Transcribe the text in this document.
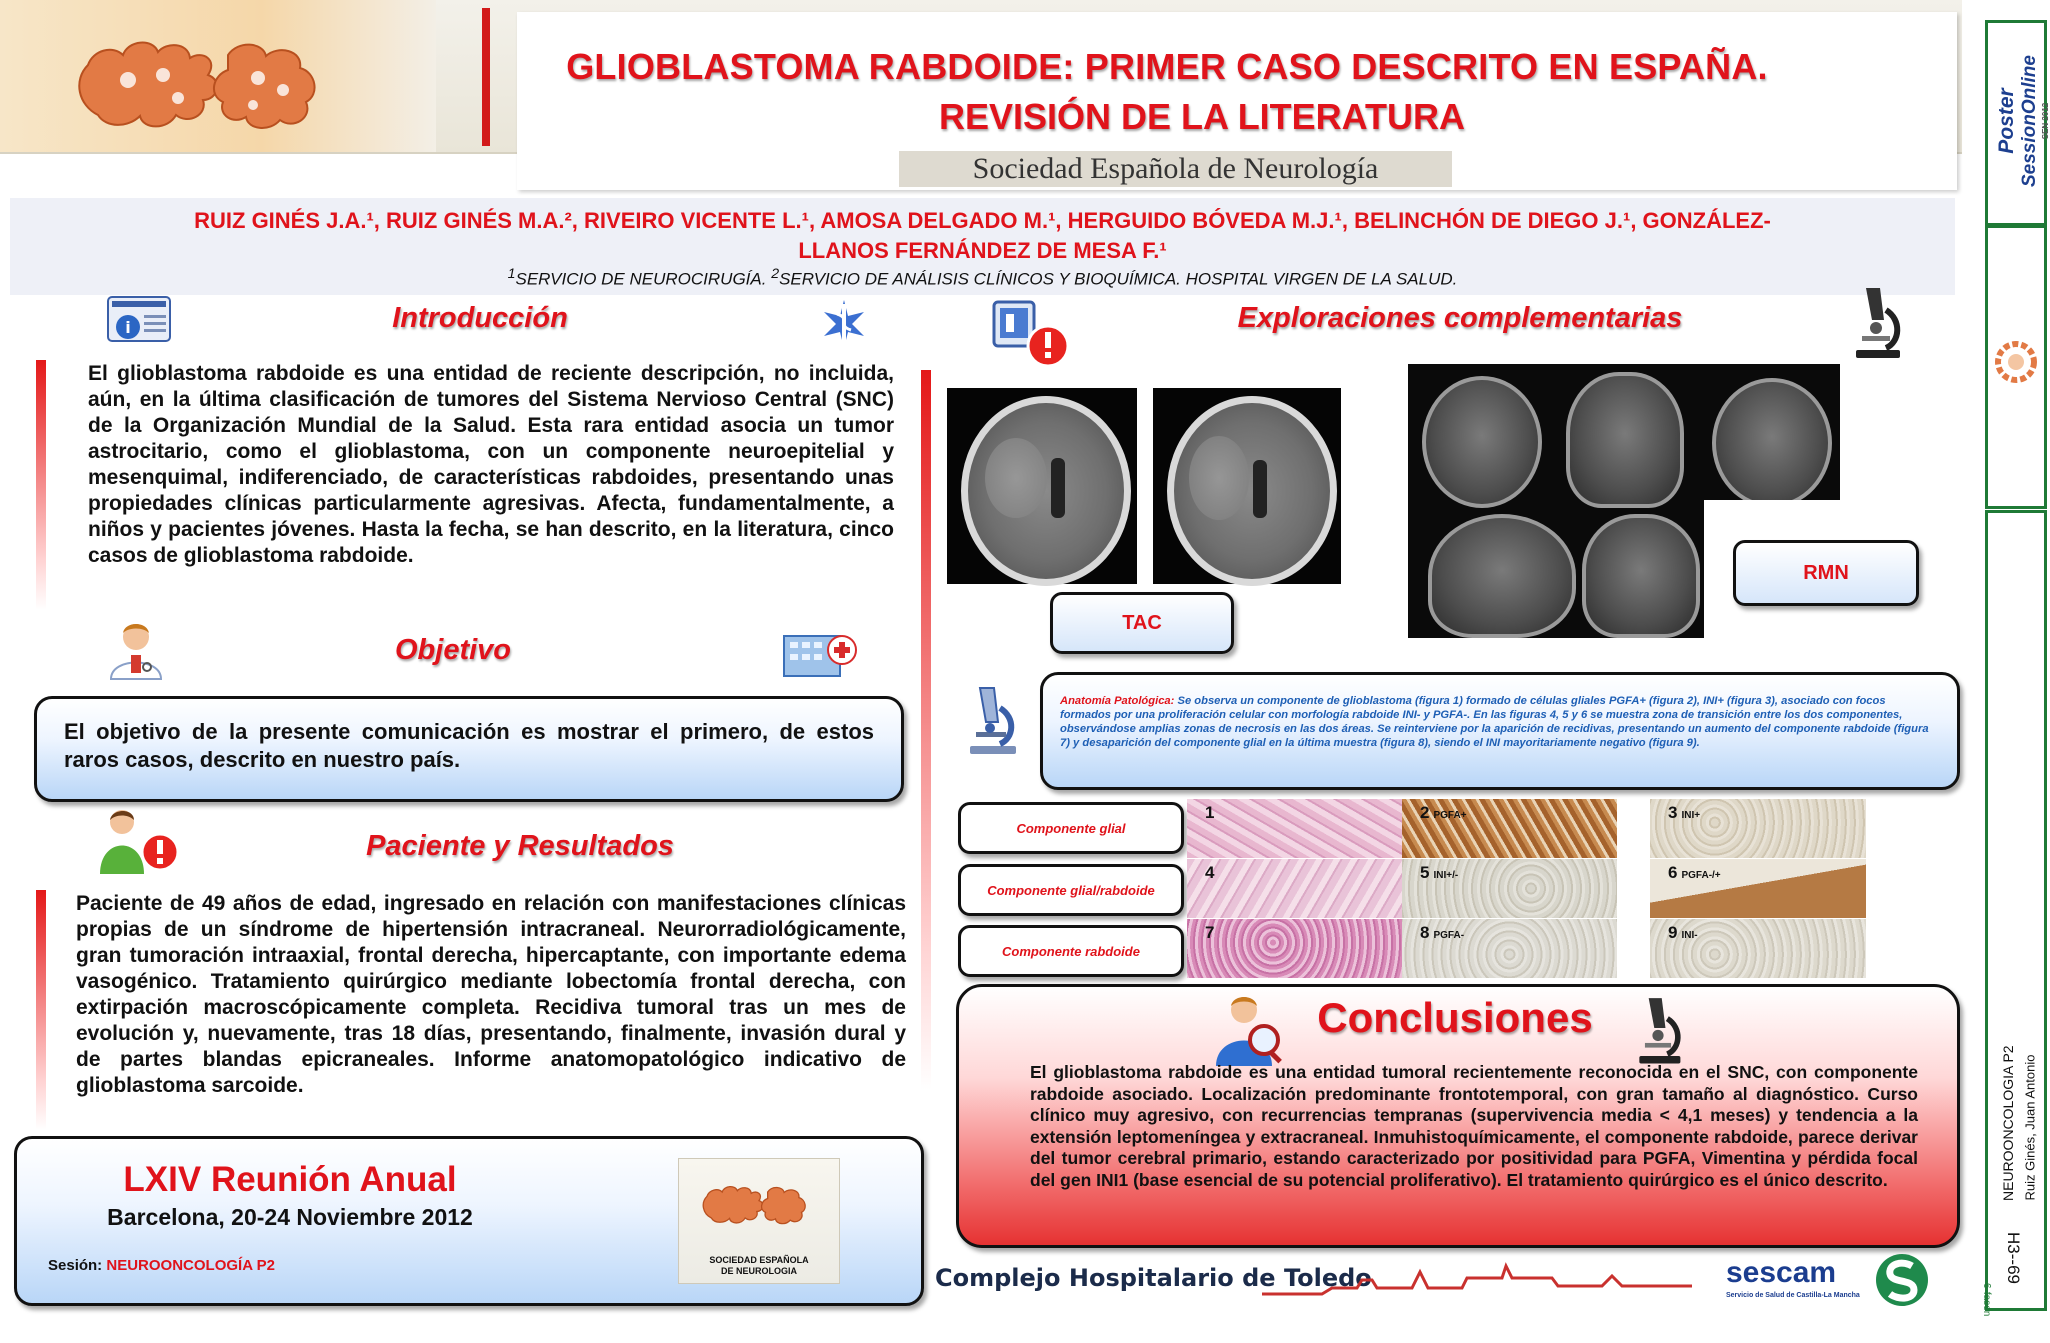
GLIOBLASTOMA RABDOIDE: PRIMER CASO DESCRITO EN ESPAÑA.
REVISIÓN DE LA LITERATURA
Sociedad Española de Neurología
RUIZ GINÉS J.A.¹, RUIZ GINÉS M.A.², RIVEIRO VICENTE L.¹, AMOSA DELGADO M.¹, HERGUIDO BÓVEDA M.J.¹, BELINCHÓN DE DIEGO J.¹, GONZÁLEZ-
LLANOS FERNÁNDEZ DE MESA F.¹
$^1$SERVICIO DE NEUROCIRUGÍA. $^2$SERVICIO DE ANÁLISIS CLÍNICOS Y BIOQUÍMICA. HOSPITAL VIRGEN DE LA SALUD.
i	Introducción
El glioblastoma rabdoide es una entidad de reciente descripción, no incluida, aún, en la última clasificación de tumores del Sistema Nervioso Central (SNC) de la Organización Mundial de la Salud. Esta rara entidad asocia un tumor astrocitario, como el glioblastoma, con un componente neuroepitelial y mesenquimal, indiferenciado, de características rabdoides, presentando unas propiedades clínicas particularmente agresivas. Afecta, fundamentalmente, a niños y pacientes jóvenes. Hasta la fecha, se han descrito, en la literatura, cinco casos de glioblastoma rabdoide.
Objetivo
El objetivo de la presente comunicación es mostrar el primero, de estos raros casos, descrito en nuestro país.
Paciente y Resultados
Paciente de 49 años de edad, ingresado en relación con manifestaciones clínicas propias de un síndrome de hipertensión intracraneal. Neurorradiológicamente, gran tumoración intraaxial, frontal derecha, hipercaptante, con importante edema vasogénico. Tratamiento quirúrgico mediante lobectomía frontal derecha, con extirpación macroscópicamente completa. Recidiva tumoral tras un mes de evolución y, nuevamente, tras 18 días, presentando, finalmente, invasión dural y de partes blandas epicraneales. Informe anatomopatológico indicativo de glioblastoma sarcoide.
LXIV Reunión Anual
Barcelona, 20-24 Noviembre 2012
Sesión: NEUROONCOLOGÍA P2	SOCIEDAD ESPAÑOLA
DE NEUROLOGIA
Exploraciones complementarias
TAC
RMN
Anatomía Patológica: Se observa un componente de glioblastoma (figura 1) formado de células gliales PGFA+ (figura 2), INI+ (figura 3), asociado con focos formados por una proliferación celular con morfología rabdoide INI- y PGFA-. En las figuras 4, 5 y 6 se muestra zona de transición entre los dos componentes, observándose amplias zonas de necrosis en las dos áreas. Se reinterviene por la aparición de recidivas, presentando un aumento del componente rabdoide (figura 7) y desaparición del componente glial en la última muestra (figura 8), siendo el INI mayoritariamente negativo (figura 9).
Componente glial
Componente glial/rabdoide
Componente rabdoide
1	2 PGFA+	3 INI+
4	5 INI+/-	6 PGFA-/+
7	8 PGFA-	9 INI-
Conclusiones
El glioblastoma rabdoide es una entidad tumoral recientemente reconocida en el SNC, con componente rabdoide asociado. Localización predominante frontotemporal, con gran tamaño al diagnóstico. Curso clínico muy agresivo, con recurrencias tempranas (supervivencia media < 4,1 meses) y tendencia a la extensión leptomeníngea y extracraneal. Inmuhistoquímicamente, el componente rabdoide, parece derivar del tumor cerebral primario, estando caracterizado por positividad para PGFA, Vimentina y pérdida focal del gen INI1 (base esencial de su potencial proliferativo). El tratamiento quirúrgico es el único descrito.
Complejo Hospitalario de Toledo	sescam
Servicio de Salud de Castilla-La Mancha
Poster SessionOnline SEN 2012
NEUROONCOLOGIA P2 Ruiz Ginés, Juan Antonio
H3--69
6-fasen
